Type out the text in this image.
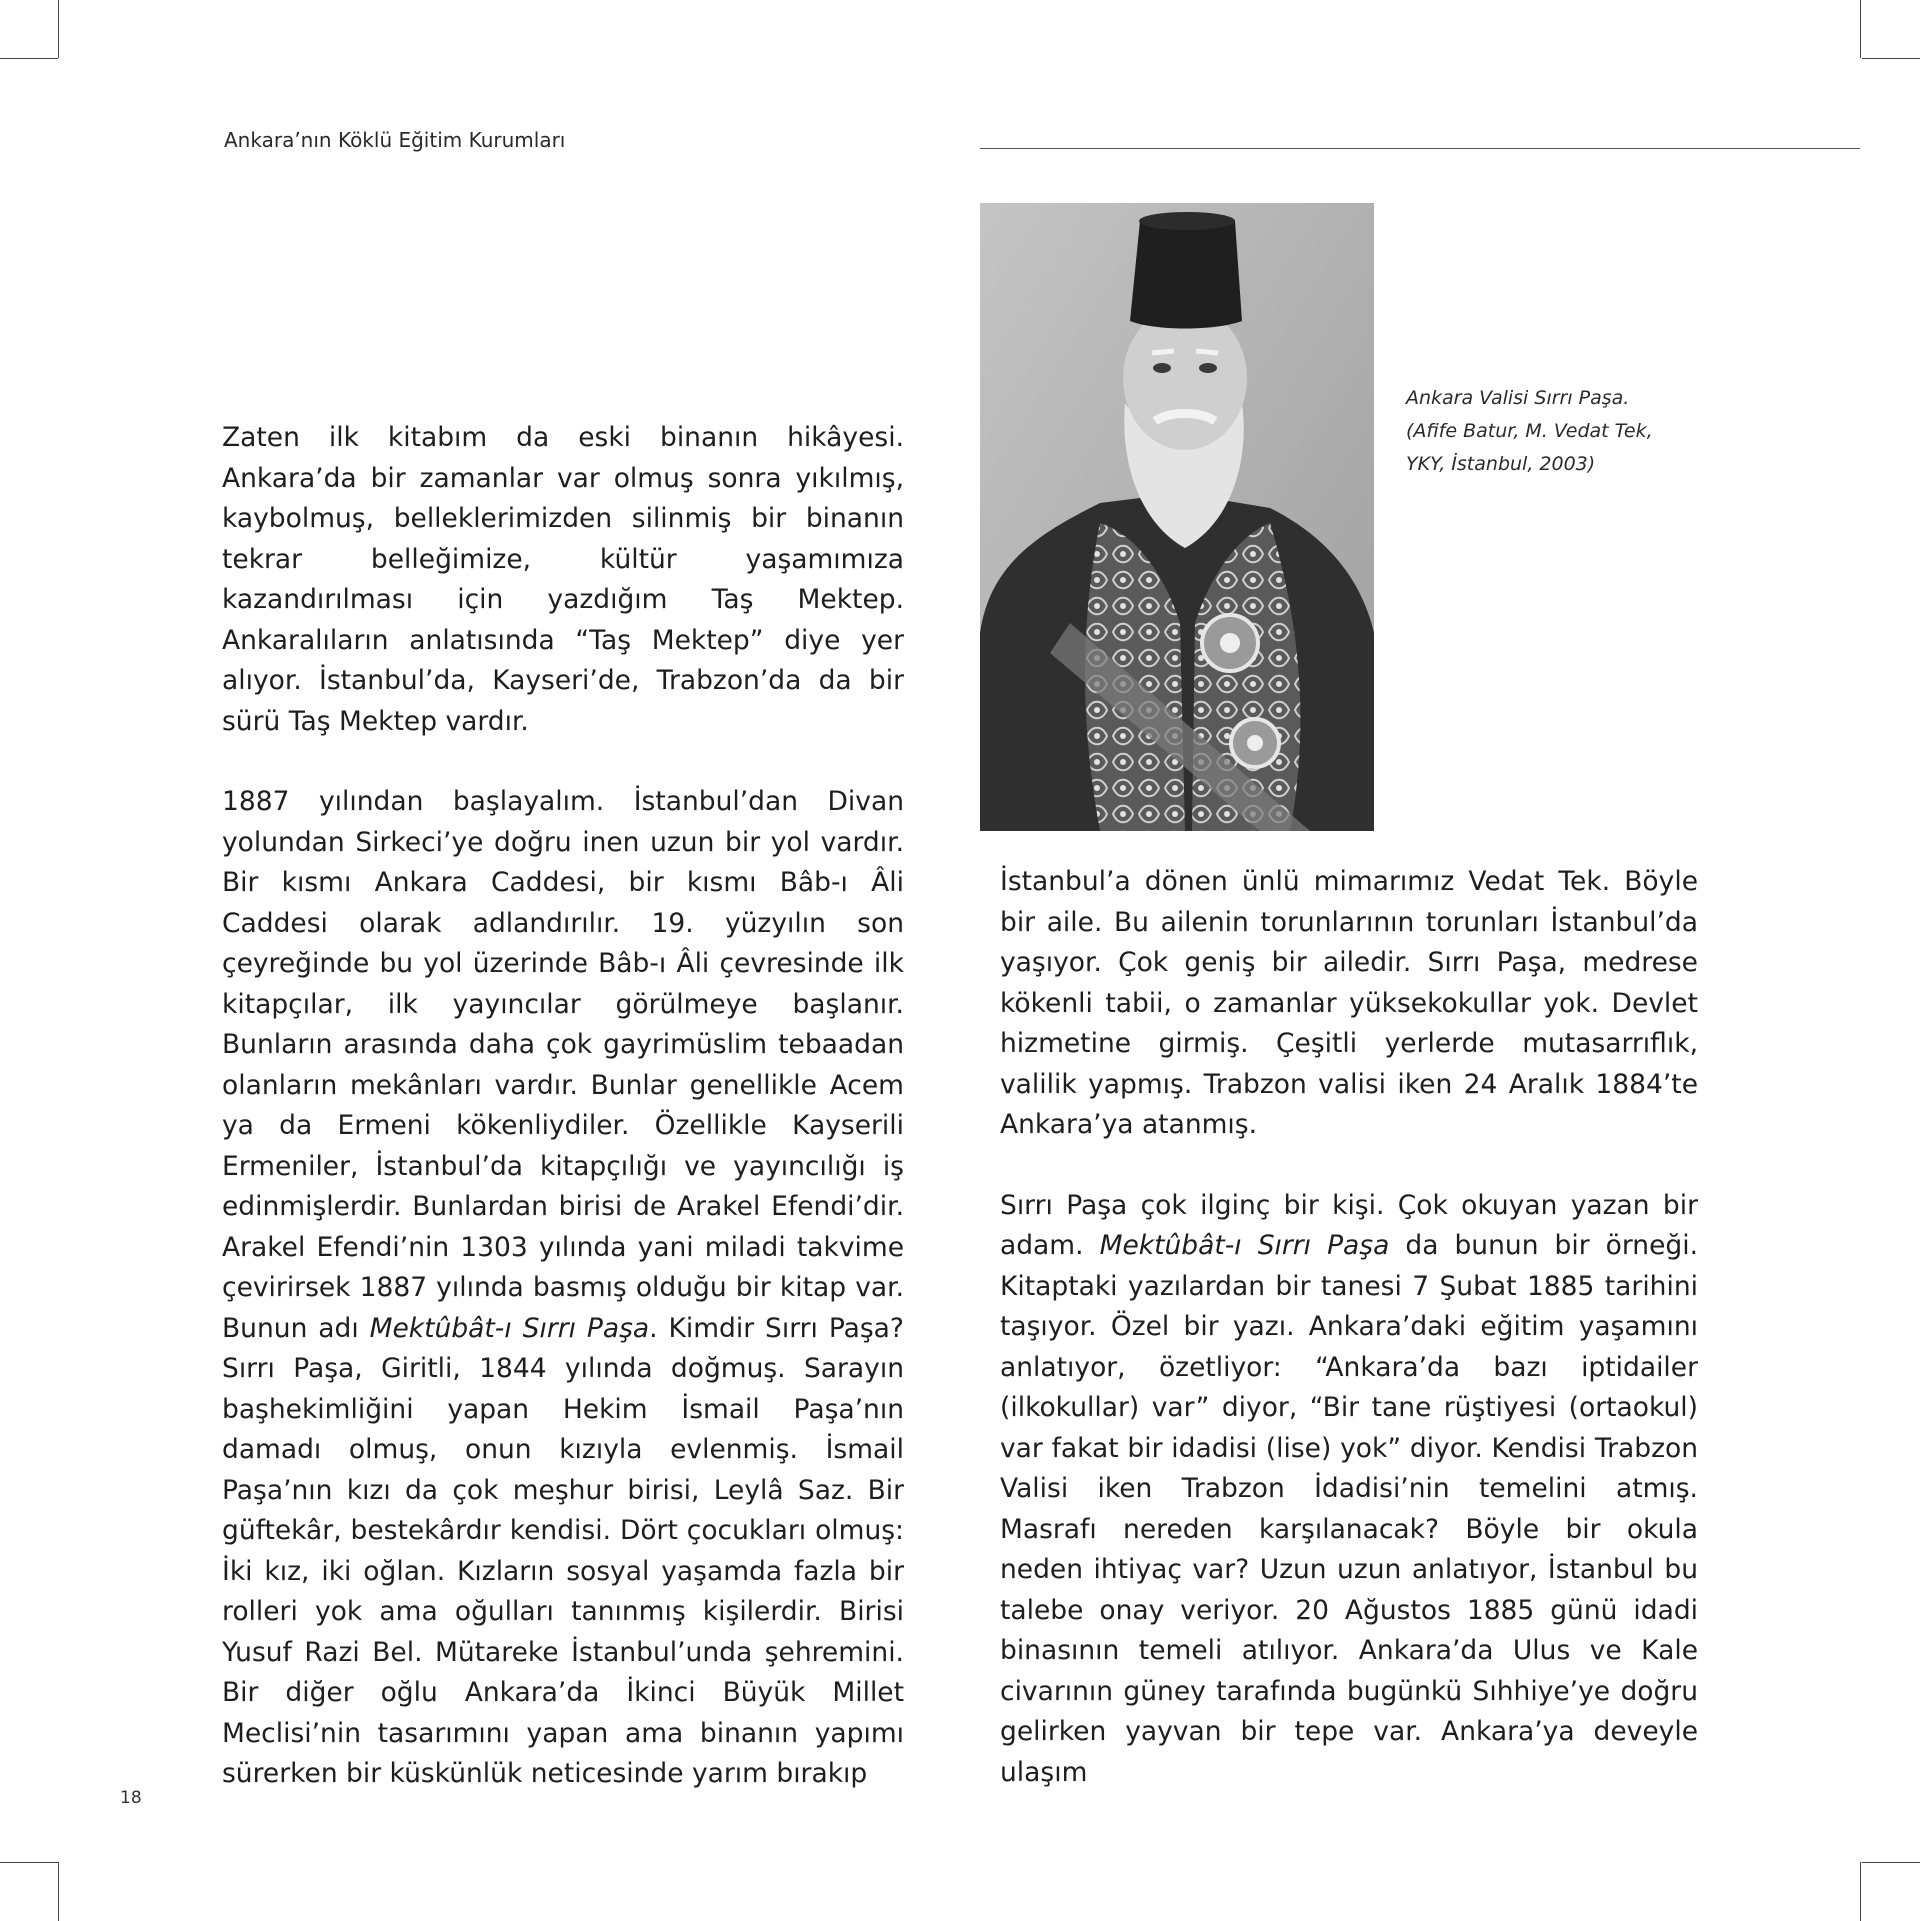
Ankara’nın Köklü Eğitim Kurumları

Zaten ilk kitabım da eski binanın hikâyesi. Ankara’da bir zamanlar var olmuş sonra yıkılmış, kaybolmuş, belleklerimizden silinmiş bir binanın tekrar belleğimize, kültür yaşamımıza kazandırılması için yazdığım Taş Mektep. Ankaralıların anlatısında “Taş Mektep” diye yer alıyor. İstanbul’da, Kayseri’de, Trabzon’da da bir sürü Taş Mektep vardır.

1887 yılından başlayalım. İstanbul’dan Divan yolundan Sirkeci’ye doğru inen uzun bir yol vardır. Bir kısmı Ankara Caddesi, bir kısmı Bâb-ı Âli Caddesi olarak adlandırılır. 19. yüzyılın son çeyreğinde bu yol üzerinde Bâb-ı Âli çevresinde ilk kitapçılar, ilk yayıncılar görülmeye başlanır. Bunların arasında daha çok gayrimüslim tebaadan olanların mekânları vardır. Bunlar genellikle Acem ya da Ermeni kökenliydiler. Özellikle Kayserili Ermeniler, İstanbul’da kitapçılığı ve yayıncılığı iş edinmişlerdir. Bunlardan birisi de Arakel Efendi’dir. Arakel Efendi’nin 1303 yılında yani miladi takvime çevirirsek 1887 yılında basmış olduğu bir kitap var. Bunun adı Mektûbât-ı Sırrı Paşa. Kimdir Sırrı Paşa? Sırrı Paşa, Giritli, 1844 yılında doğmuş. Sarayın başhekimliğini yapan Hekim İsmail Paşa’nın damadı olmuş, onun kızıyla evlenmiş. İsmail Paşa’nın kızı da çok meşhur birisi, Leylâ Saz. Bir güftekâr, bestekârdır kendisi. Dört çocukları olmuş: İki kız, iki oğlan. Kızların sosyal yaşamda fazla bir rolleri yok ama oğulları tanınmış kişilerdir. Birisi Yusuf Razi Bel. Mütareke İstanbul’unda şehremini. Bir diğer oğlu Ankara’da İkinci Büyük Millet Meclisi’nin tasarımını yapan ama binanın yapımı sürerken bir küskünlük neticesinde yarım bırakıp

Ankara Valisi Sırrı Paşa.
(Afife Batur, M. Vedat Tek,
YKY, İstanbul, 2003)

İstanbul’a dönen ünlü mimarımız Vedat Tek. Böyle bir aile. Bu ailenin torunlarının torunları İstanbul’da yaşıyor. Çok geniş bir ailedir. Sırrı Paşa, medrese kökenli tabii, o zamanlar yüksekokullar yok. Devlet hizmetine girmiş. Çeşitli yerlerde mutasarrıflık, valilik yapmış. Trabzon valisi iken 24 Aralık 1884’te Ankara’ya atanmış.

Sırrı Paşa çok ilginç bir kişi. Çok okuyan yazan bir adam. Mektûbât-ı Sırrı Paşa da bunun bir örneği. Kitaptaki yazılardan bir tanesi 7 Şubat 1885 tarihini taşıyor. Özel bir yazı. Ankara’daki eğitim yaşamını anlatıyor, özetliyor: “Ankara’da bazı iptidailer (ilkokullar) var” diyor, “Bir tane rüştiyesi (ortaokul) var fakat bir idadisi (lise) yok” diyor. Kendisi Trabzon Valisi iken Trabzon İdadisi’nin temelini atmış. Masrafı nereden karşılanacak? Böyle bir okula neden ihtiyaç var? Uzun uzun anlatıyor, İstanbul bu talebe onay veriyor. 20 Ağustos 1885 günü idadi binasının temeli atılıyor. Ankara’da Ulus ve Kale civarının güney tarafında bugünkü Sıhhiye’ye doğru gelirken yayvan bir tepe var. Ankara’ya deveyle ulaşım

18
